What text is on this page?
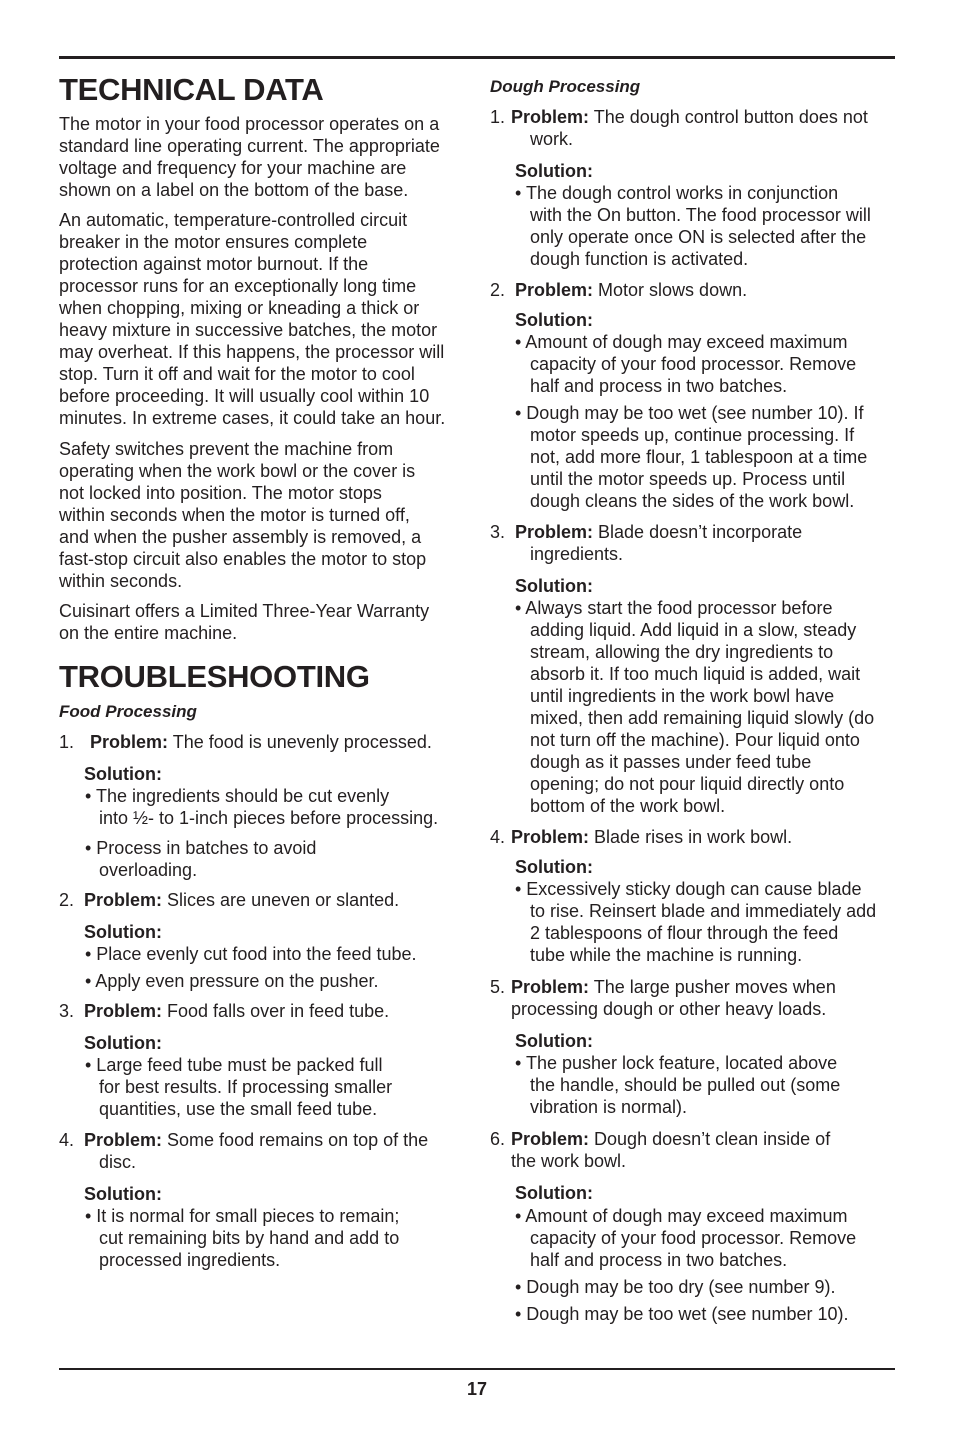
TECHNICAL DATA
The motor in your food processor operates on a
standard line operating current. The appropriate
voltage and frequency for your machine are
shown on a label on the bottom of the base.
An automatic, temperature-controlled circuit
breaker in the motor ensures complete
protection against motor burnout. If the
processor runs for an exceptionally long time
when chopping, mixing or kneading a thick or
heavy mixture in successive batches, the motor
may overheat. If this happens, the processor will
stop. Turn it off and wait for the motor to cool
before proceeding. It will usually cool within 10
minutes. In extreme cases, it could take an hour.
Safety switches prevent the machine from
operating when the work bowl or the cover is
not locked into position. The motor stops
within seconds when the motor is turned off,
and when the pusher assembly is removed, a
fast-stop circuit also enables the motor to stop
within seconds.
Cuisinart offers a Limited Three-Year Warranty
on the entire machine.
TROUBLESHOOTING
Food Processing
1. Problem: The food is unevenly processed.
Solution:
• The ingredients should be cut evenly
into ½- to 1-inch pieces before processing.
• Process in batches to avoid
overloading.
2. Problem: Slices are uneven or slanted.
Solution:
• Place evenly cut food into the feed tube.
• Apply even pressure on the pusher.
3. Problem: Food falls over in feed tube.
Solution:
• Large feed tube must be packed full
for best results. If processing smaller
quantities, use the small feed tube.
4. Problem: Some food remains on top of the
disc.
Solution:
• It is normal for small pieces to remain;
cut remaining bits by hand and add to
processed ingredients.
Dough Processing
1. Problem: The dough control button does not
work.
Solution:
• The dough control works in conjunction
with the On button. The food processor will
only operate once ON is selected after the
dough function is activated.
2. Problem: Motor slows down.
Solution:
• Amount of dough may exceed maximum
capacity of your food processor. Remove
half and process in two batches.
• Dough may be too wet (see number 10). If
motor speeds up, continue processing. If
not, add more flour, 1 tablespoon at a time
until the motor speeds up. Process until
dough cleans the sides of the work bowl.
3. Problem: Blade doesn’t incorporate
ingredients.
Solution:
• Always start the food processor before
adding liquid. Add liquid in a slow, steady
stream, allowing the dry ingredients to
absorb it. If too much liquid is added, wait
until ingredients in the work bowl have
mixed, then add remaining liquid slowly (do
not turn off the machine). Pour liquid onto
dough as it passes under feed tube
opening; do not pour liquid directly onto
bottom of the work bowl.
4. Problem: Blade rises in work bowl.
Solution:
• Excessively sticky dough can cause blade
to rise. Reinsert blade and immediately add
2 tablespoons of flour through the feed
tube while the machine is running.
5. Problem: The large pusher moves when
processing dough or other heavy loads.
Solution:
• The pusher lock feature, located above
the handle, should be pulled out (some
vibration is normal).
6. Problem: Dough doesn’t clean inside of
the work bowl.
Solution:
• Amount of dough may exceed maximum
capacity of your food processor. Remove
half and process in two batches.
• Dough may be too dry (see number 9).
• Dough may be too wet (see number 10).
17
